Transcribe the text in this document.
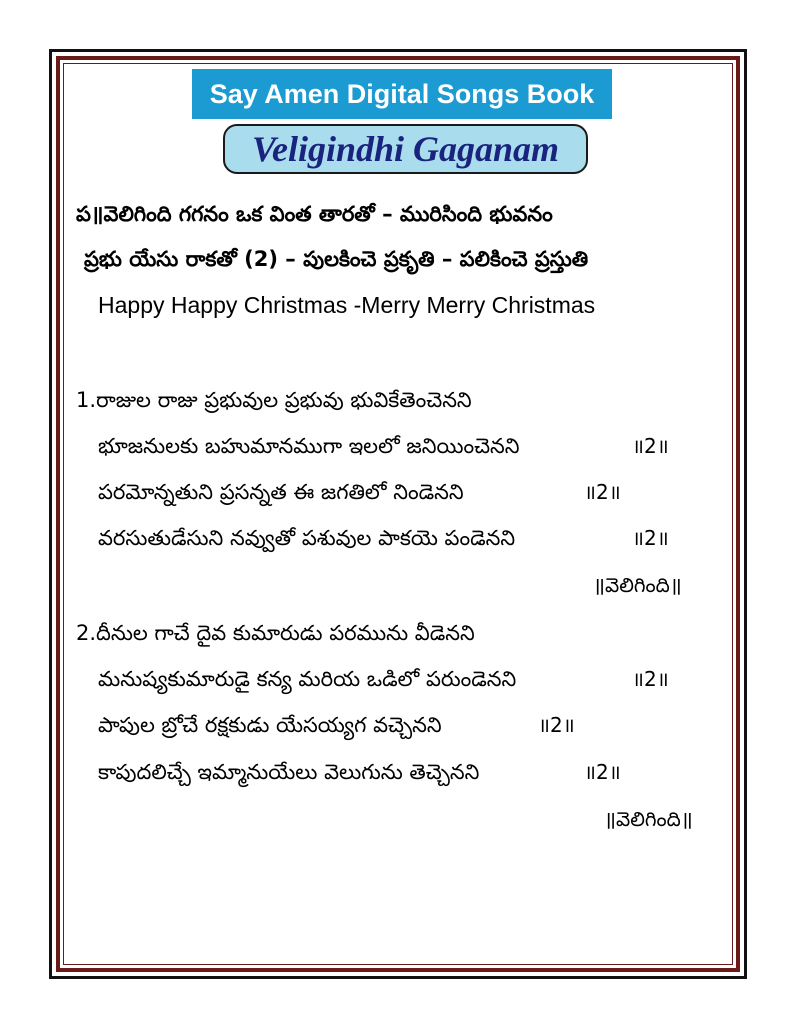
Say Amen Digital Songs Book
Veligindhi Gaganam
ప॥వెలిగింది గగనం ఒక వింత తారతో – మురిసింది భువనం
ప్రభు యేసు రాకతో (2) – పులకించె ప్రకృతి – పలికించె ప్రస్తుతి
Happy Happy Christmas -Merry Merry Christmas
1.రాజుల రాజు ప్రభువుల ప్రభువు భువికేతెంచెనని
భూజనులకు బహుమానముగా ఇలలో జనియించెనని	॥2॥
పరమోన్నతుని ప్రసన్నత ఈ జగతిలో నిండెనని	॥2॥
వరసుతుడేసుని నవ్వుతో పశువుల పాకయె పండెనని	॥2॥
॥వెలిగింది॥
2.దీనుల గాచే దైవ కుమారుడు పరమును వీడెనని
మనుష్యకుమారుడై కన్య మరియ ఒడిలో పరుండెనని	॥2॥
పాపుల బ్రోచే రక్షకుడు యేసయ్యగ వచ్చెనని	॥2॥
కాపుదలిచ్చే ఇమ్మానుయేలు వెలుగును తెచ్చెనని	॥2॥
॥వెలిగింది॥
